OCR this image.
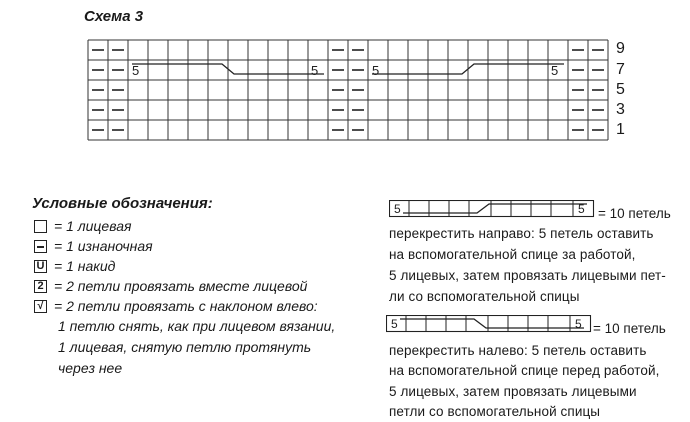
Схема 3
5	5	5	5
9
7
5
3
1
Условные обозначения:
= 1 лицевая
= 1 изнаночная
U = 1 накид
2 = 2 петли провязать вместе лицевой
√ = 2 петли провязать с наклоном влево:
1 петлю снять, как при лицевом вязании,
1 лицевая, снятую петлю протянуть
через нее
5	5 = 10 петель
перекрестить направо: 5 петель оставить
на вспомогательной спице за работой,
5 лицевых, затем провязать лицевыми пет-
ли со вспомогательной спицы
5	5 = 10 петель
перекрестить налево: 5 петель оставить
на вспомогательной спице перед работой,
5 лицевых, затем провязать лицевыми
петли со вспомогательной спицы
